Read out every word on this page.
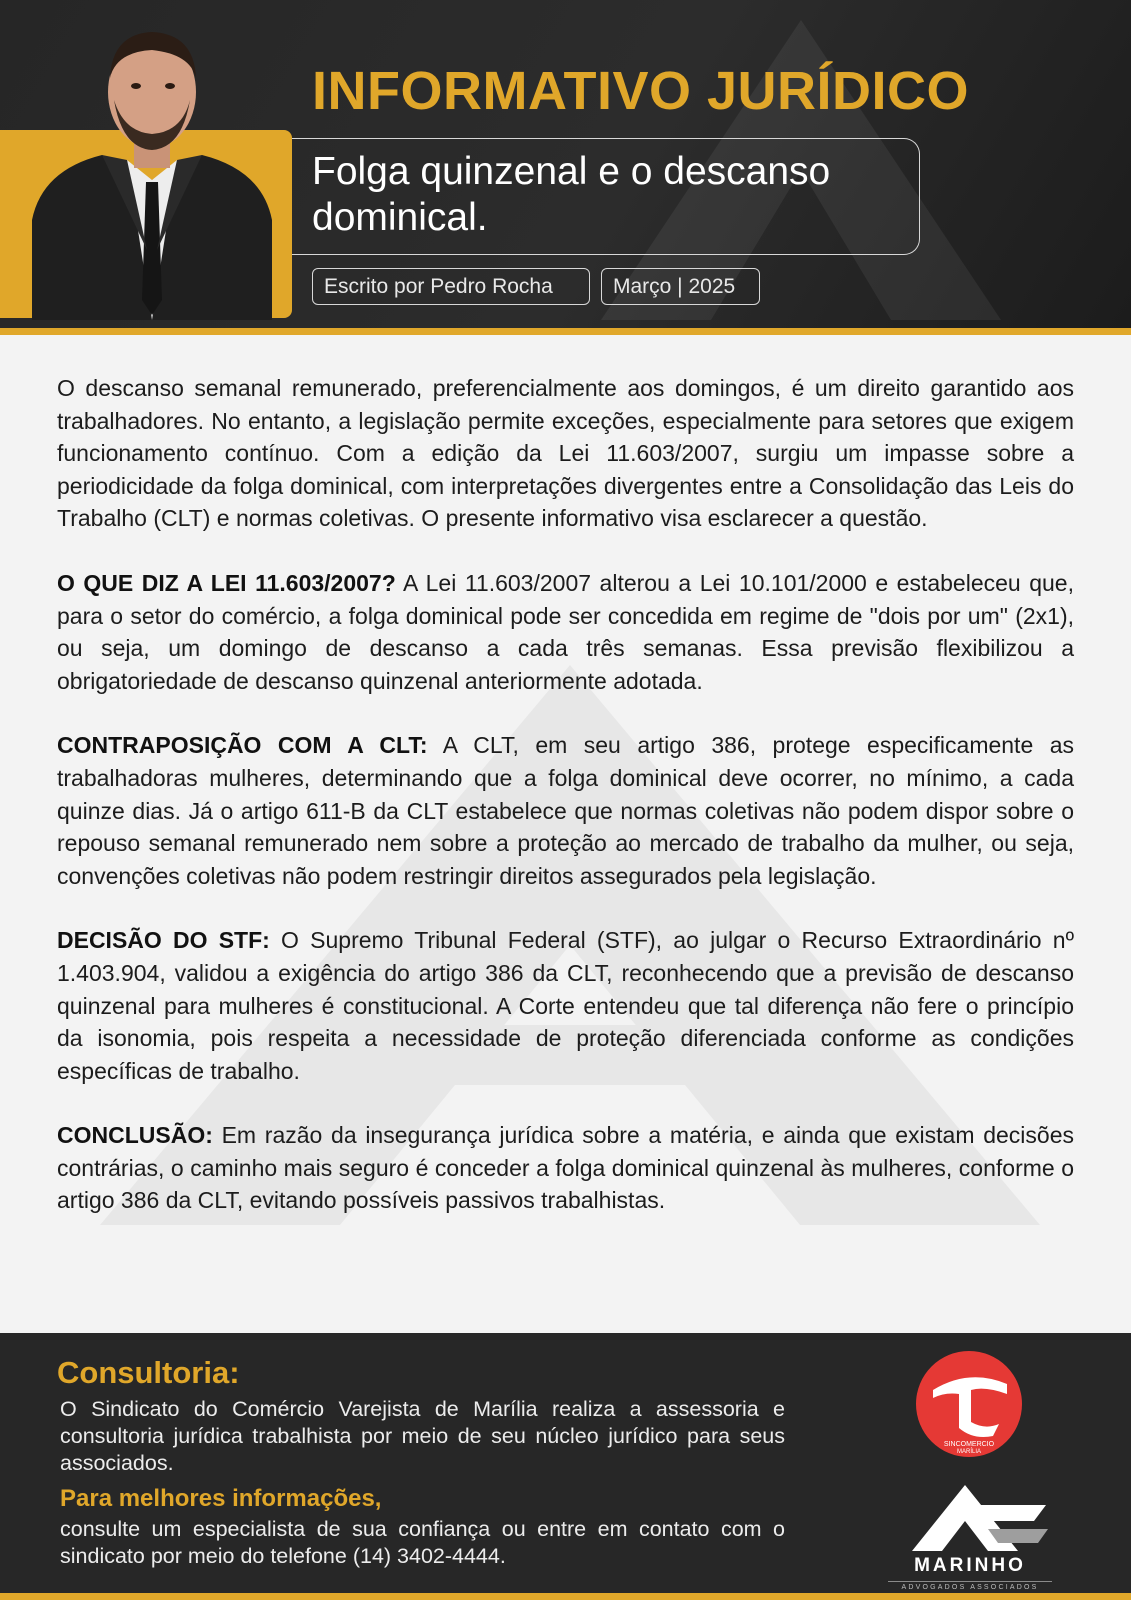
INFORMATIVO JURÍDICO
Folga quinzenal e o descanso dominical.
Escrito por Pedro Rocha	Março | 2025

O descanso semanal remunerado, preferencialmente aos domingos, é um direito garantido aos trabalhadores. No entanto, a legislação permite exceções, especialmente para setores que exigem funcionamento contínuo. Com a edição da Lei 11.603/2007, surgiu um impasse sobre a periodicidade da folga dominical, com interpretações divergentes entre a Consolidação das Leis do Trabalho (CLT) e normas coletivas. O presente informativo visa esclarecer a questão.

O QUE DIZ A LEI 11.603/2007? A Lei 11.603/2007 alterou a Lei 10.101/2000 e estabeleceu que, para o setor do comércio, a folga dominical pode ser concedida em regime de "dois por um" (2x1), ou seja, um domingo de descanso a cada três semanas. Essa previsão flexibilizou a obrigatoriedade de descanso quinzenal anteriormente adotada.

CONTRAPOSIÇÃO COM A CLT: A CLT, em seu artigo 386, protege especificamente as trabalhadoras mulheres, determinando que a folga dominical deve ocorrer, no mínimo, a cada quinze dias. Já o artigo 611-B da CLT estabelece que normas coletivas não podem dispor sobre o repouso semanal remunerado nem sobre a proteção ao mercado de trabalho da mulher, ou seja, convenções coletivas não podem restringir direitos assegurados pela legislação.

DECISÃO DO STF: O Supremo Tribunal Federal (STF), ao julgar o Recurso Extraordinário nº 1.403.904, validou a exigência do artigo 386 da CLT, reconhecendo que a previsão de descanso quinzenal para mulheres é constitucional. A Corte entendeu que tal diferença não fere o princípio da isonomia, pois respeita a necessidade de proteção diferenciada conforme as condições específicas de trabalho.

CONCLUSÃO: Em razão da insegurança jurídica sobre a matéria, e ainda que existam decisões contrárias, o caminho mais seguro é conceder a folga dominical quinzenal às mulheres, conforme o artigo 386 da CLT, evitando possíveis passivos trabalhistas.

Consultoria:
O Sindicato do Comércio Varejista de Marília realiza a assessoria e consultoria jurídica trabalhista por meio de seu núcleo jurídico para seus associados.
Para melhores informações,
consulte um especialista de sua confiança ou entre em contato com o sindicato por meio do telefone (14) 3402-4444.
SINCOMERCIO
MARÍLIA
MARINHO
ADVOGADOS ASSOCIADOS
